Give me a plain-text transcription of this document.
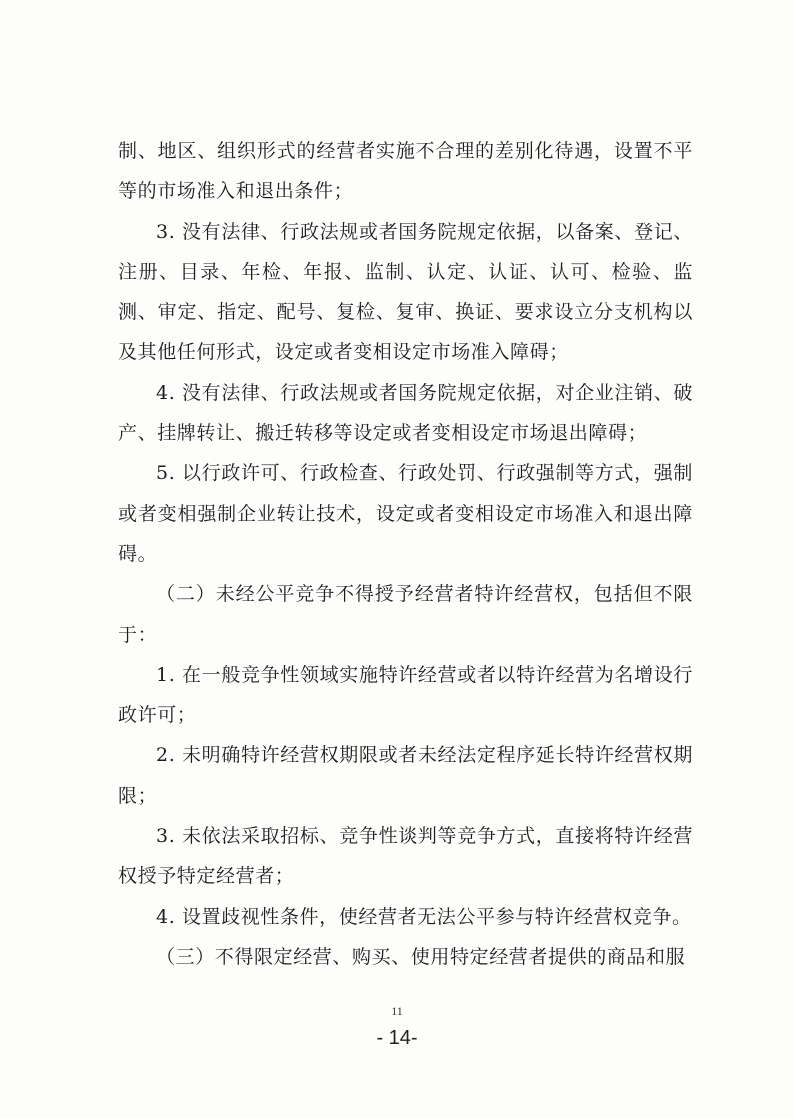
制、地区、组织形式的经营者实施不合理的差别化待遇，设置不平等的市场准入和退出条件；

3. 没有法律、行政法规或者国务院规定依据，以备案、登记、注册、目录、年检、年报、监制、认定、认证、认可、检验、监测、审定、指定、配号、复检、复审、换证、要求设立分支机构以及其他任何形式，设定或者变相设定市场准入障碍；

4. 没有法律、行政法规或者国务院规定依据，对企业注销、破产、挂牌转让、搬迁转移等设定或者变相设定市场退出障碍；

5. 以行政许可、行政检查、行政处罚、行政强制等方式，强制或者变相强制企业转让技术，设定或者变相设定市场准入和退出障碍。

（二）未经公平竞争不得授予经营者特许经营权，包括但不限于：

1. 在一般竞争性领域实施特许经营或者以特许经营为名增设行政许可；

2. 未明确特许经营权期限或者未经法定程序延长特许经营权期限；

3. 未依法采取招标、竞争性谈判等竞争方式，直接将特许经营权授予特定经营者；

4. 设置歧视性条件，使经营者无法公平参与特许经营权竞争。

（三）不得限定经营、购买、使用特定经营者提供的商品和服

11
- 14-
